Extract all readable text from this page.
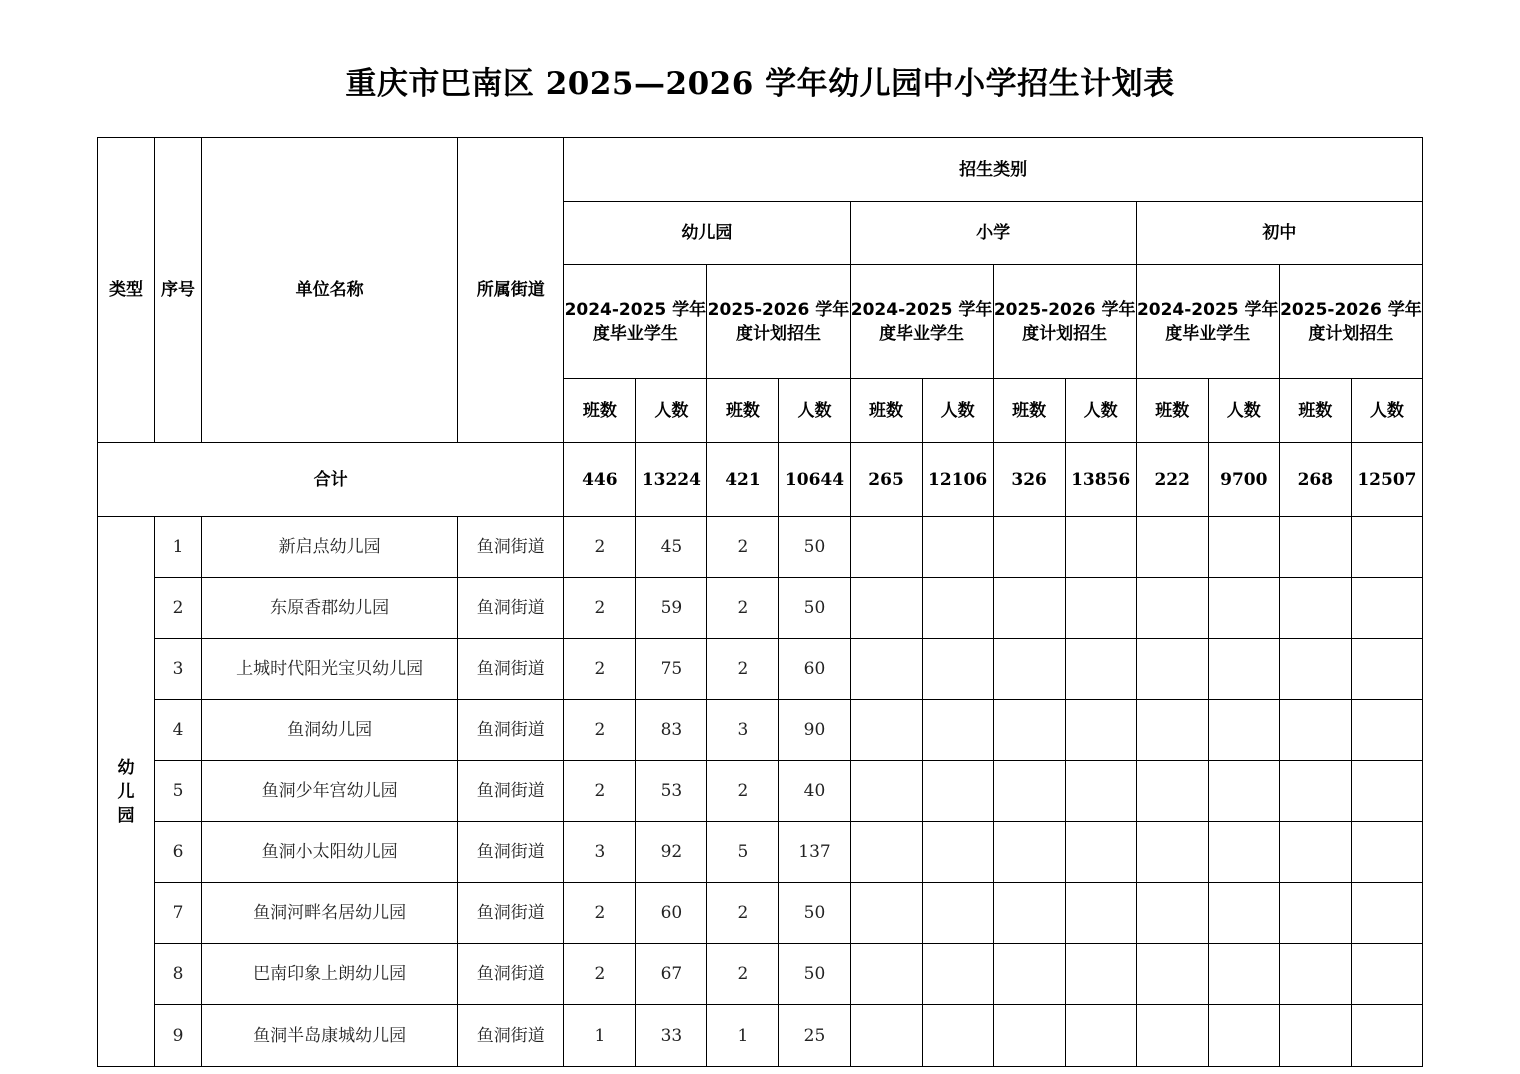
重庆市巴南区 2025—2026 学年幼儿园中小学招生计划表
类型	序号	单位名称	所属街道	招生类别											
				幼儿园				小学				初中			
				2024-2025 学年度毕业学生		2025-2026 学年度计划招生		2024-2025 学年度毕业学生		2025-2026 学年度计划招生		2024-2025 学年度毕业学生		2025-2026 学年度计划招生	
				班数	人数	班数	人数	班数	人数	班数	人数	班数	人数	班数	人数
合计				446	13224	421	10644	265	12106	326	13856	222	9700	268	12507
幼儿园	1	新启点幼儿园	鱼洞街道	2	45	2	50								
	2	东原香郡幼儿园	鱼洞街道	2	59	2	50								
	3	上城时代阳光宝贝幼儿园	鱼洞街道	2	75	2	60								
	4	鱼洞幼儿园	鱼洞街道	2	83	3	90								
	5	鱼洞少年宫幼儿园	鱼洞街道	2	53	2	40								
	6	鱼洞小太阳幼儿园	鱼洞街道	3	92	5	137								
	7	鱼洞河畔名居幼儿园	鱼洞街道	2	60	2	50								
	8	巴南印象上朗幼儿园	鱼洞街道	2	67	2	50								
	9	鱼洞半岛康城幼儿园	鱼洞街道	1	33	1	25								
